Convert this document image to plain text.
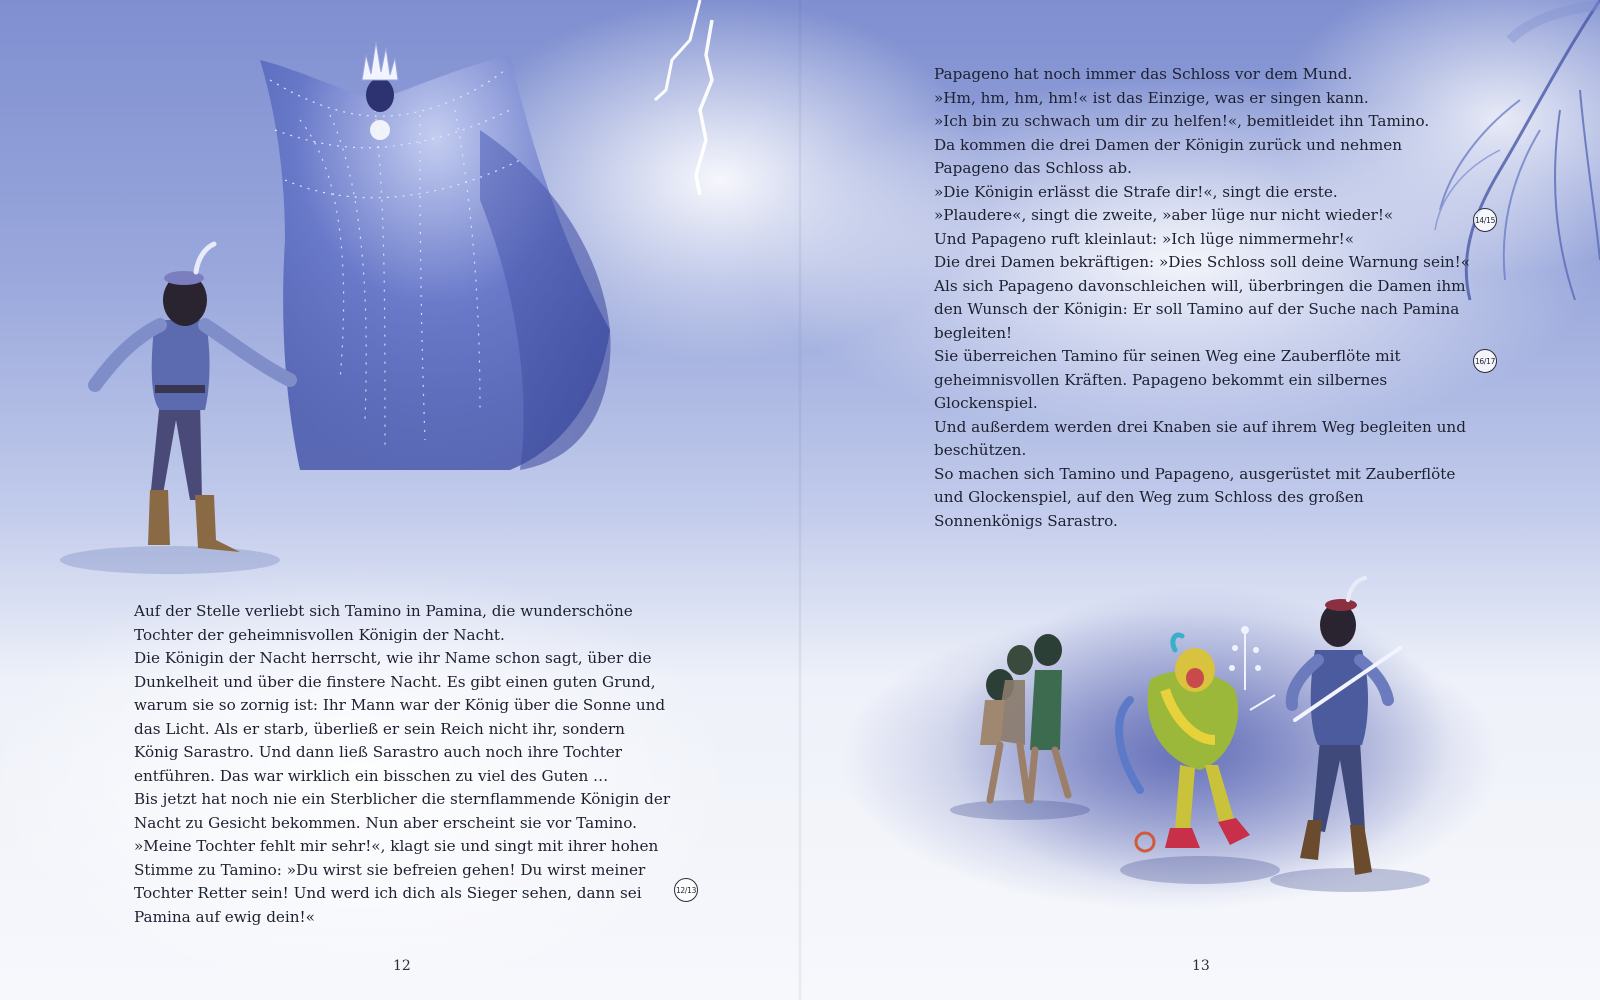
Auf der Stelle verliebt sich Tamino in Pamina, die wunderschöne Tochter der geheimnisvollen Königin der Nacht.

Die Königin der Nacht herrscht, wie ihr Name schon sagt, über die Dunkelheit und über die finstere Nacht. Es gibt einen guten Grund, warum sie so zornig ist: Ihr Mann war der König über die Sonne und das Licht. Als er starb, überließ er sein Reich nicht ihr, sondern König Sarastro. Und dann ließ Sarastro auch noch ihre Tochter entführen. Das war wirklich ein bisschen zu viel des Guten …

Bis jetzt hat noch nie ein Sterblicher die sternflammende Königin der Nacht zu Gesicht bekommen. Nun aber erscheint sie vor Tamino.

»Meine Tochter fehlt mir sehr!«, klagt sie und singt mit ihrer hohen Stimme zu Tamino: »Du wirst sie befreien gehen! Du wirst meiner Tochter Retter sein! Und werd ich dich als Sieger sehen, dann sei Pamina auf ewig dein!«

Papageno hat noch immer das Schloss vor dem Mund.

»Hm, hm, hm, hm!« ist das Einzige, was er singen kann.

»Ich bin zu schwach um dir zu helfen!«, bemitleidet ihn Tamino.

Da kommen die drei Damen der Königin zurück und nehmen Papageno das Schloss ab.

»Die Königin erlässt die Strafe dir!«, singt die erste.

»Plaudere«, singt die zweite, »aber lüge nur nicht wieder!«

Und Papageno ruft kleinlaut: »Ich lüge nimmermehr!«

Die drei Damen bekräftigen: »Dies Schloss soll deine Warnung sein!«

Als sich Papageno davonschleichen will, überbringen die Damen ihm den Wunsch der Königin: Er soll Tamino auf der Suche nach Pamina begleiten!

Sie überreichen Tamino für seinen Weg eine Zauberflöte mit geheimnisvollen Kräften. Papageno bekommt ein silbernes Glockenspiel.

Und außerdem werden drei Knaben sie auf ihrem Weg begleiten und beschützen.

So machen sich Tamino und Papageno, ausgerüstet mit Zauberflöte und Glockenspiel, auf den Weg zum Schloss des großen Sonnenkönigs Sarastro.

12/13
14/15
16/17
12	13
